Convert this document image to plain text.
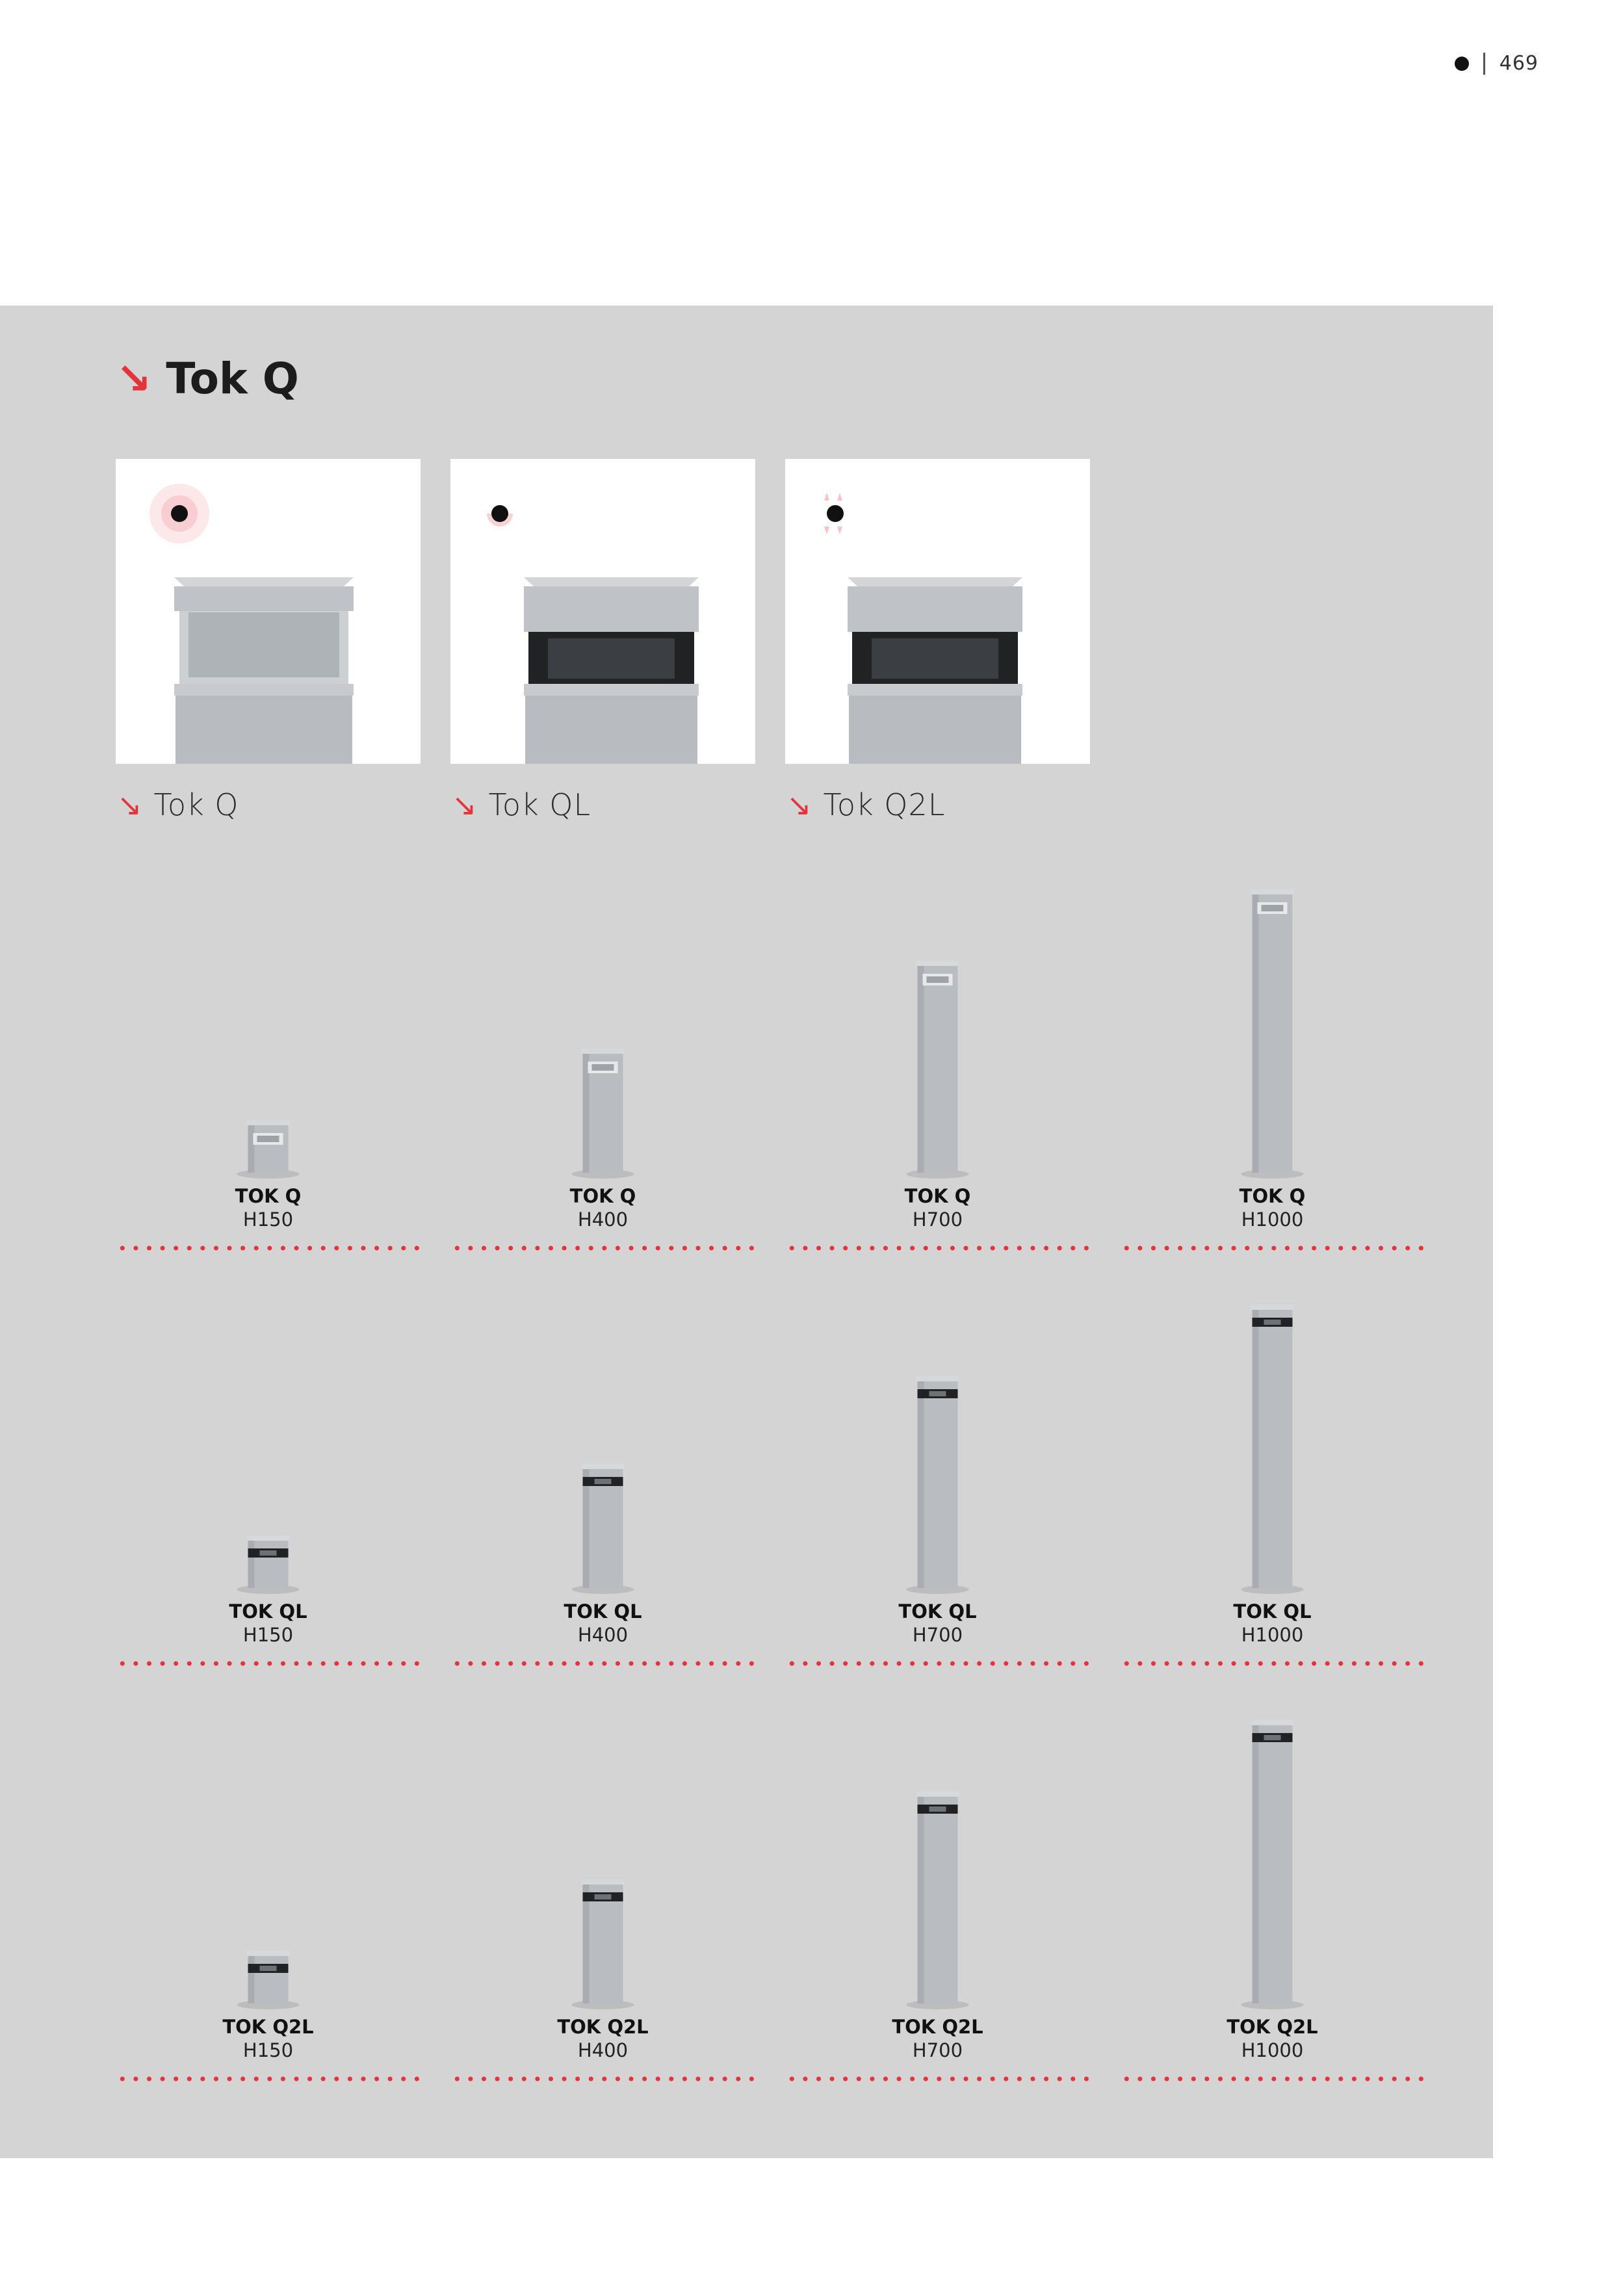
469
↘ Tok Q
↘ Tok Q	↘ Tok QL	↘ Tok Q2L
TOK Q
H150
TOK Q
H400
TOK Q
H700
TOK Q
H1000
TOK QL
H150
TOK QL
H400
TOK QL
H700
TOK QL
H1000
TOK Q2L
H150
TOK Q2L
H400
TOK Q2L
H700
TOK Q2L
H1000
